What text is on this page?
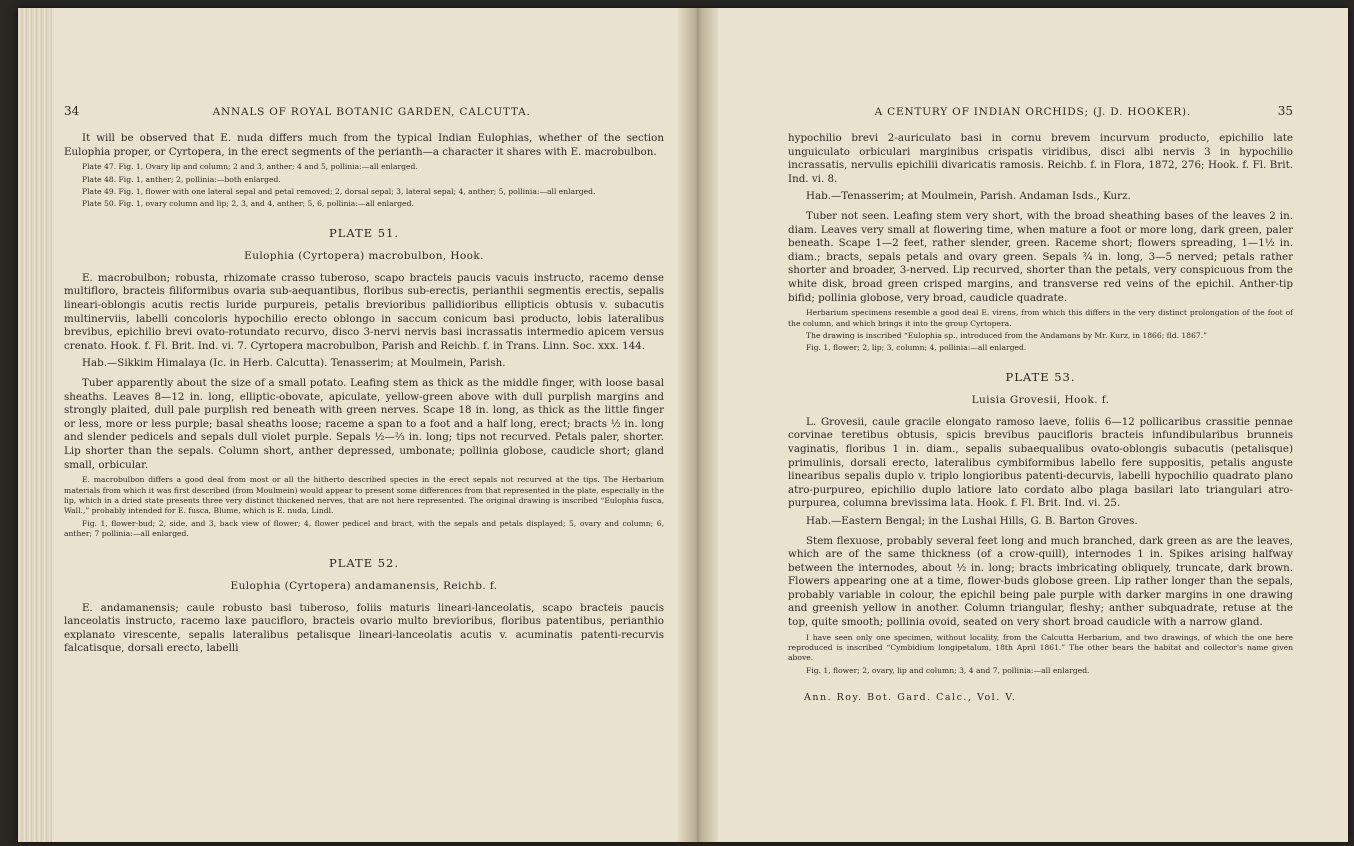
34	ANNALS OF ROYAL BOTANIC GARDEN, CALCUTTA.

It will be observed that E. nuda differs much from the typical Indian Eulophias, whether of the section Eulophia proper, or Cyrtopera, in the erect segments of the perianth—a character it shares with E. macrobulbon.

Plate 47. Fig. 1, Ovary lip and column; 2 and 3, anther; 4 and 5, pollinia:—all enlarged.

Plate 48. Fig. 1, anther; 2, pollinia:—both enlarged.

Plate 49. Fig. 1, flower with one lateral sepal and petal removed; 2, dorsal sepal; 3, lateral sepal; 4, anther; 5, pollinia:—all enlarged.

Plate 50. Fig. 1, ovary column and lip; 2, 3, and 4, anther; 5, 6, pollinia:—all enlarged.

PLATE 51.

Eulophia (Cyrtopera) macrobulbon, Hook.

E. macrobulbon; robusta, rhizomate crasso tuberoso, scapo bracteis paucis vacuis instructo, racemo dense multifloro, bracteis filiformibus ovaria sub-aequantibus, floribus sub-erectis, perianthii segmentis erectis, sepalis lineari-oblongis acutis rectis luride purpureis, petalis brevioribus pallidioribus ellipticis obtusis v. subacutis multinerviis, labelli concoloris hypochilio erecto oblongo in saccum conicum basi producto, lobis lateralibus brevibus, epichilio brevi ovato-rotundato recurvo, disco 3-nervi nervis basi incrassatis intermedio apicem versus crenato. Hook. f. Fl. Brit. Ind. vi. 7. Cyrtopera macrobulbon, Parish and Reichb. f. in Trans. Linn. Soc. xxx. 144.

Hab.—Sikkim Himalaya (Ic. in Herb. Calcutta). Tenasserim; at Moulmein, Parish.

Tuber apparently about the size of a small potato. Leafing stem as thick as the middle finger, with loose basal sheaths. Leaves 8—12 in. long, elliptic-obovate, apiculate, yellow-green above with dull purplish margins and strongly plaited, dull pale purplish red beneath with green nerves. Scape 18 in. long, as thick as the little finger or less, more or less purple; basal sheaths loose; raceme a span to a foot and a half long, erect; bracts ½ in. long and slender pedicels and sepals dull violet purple. Sepals ½—⅔ in. long; tips not recurved. Petals paler, shorter. Lip shorter than the sepals. Column short, anther depressed, umbonate; pollinia globose, caudicle short; gland small, orbicular.

E. macrobulbon differs a good deal from most or all the hitherto described species in the erect sepals not recurved at the tips. The Herbarium materials from which it was first described (from Moulmein) would appear to present some differences from that represented in the plate, especially in the lip, which in a dried state presents three very distinct thickened nerves, that are not here represented. The original drawing is inscribed “Eulophia fusca, Wall.,” probably intended for E. fusca, Blume, which is E. nuda, Lindl.

Fig. 1, flower-bud; 2, side, and 3, back view of flower; 4, flower pedicel and bract, with the sepals and petals displayed; 5, ovary and column; 6, anther; 7 pollinia:—all enlarged.

PLATE 52.

Eulophia (Cyrtopera) andamanensis, Reichb. f.

E. andamanensis; caule robusto basi tuberoso, foliis maturis lineari-lanceolatis, scapo bracteis paucis lanceolatis instructo, racemo laxe paucifloro, bracteis ovario multo brevioribus, floribus patentibus, perianthio explanato virescente, sepalis lateralibus petalisque lineari-lanceolatis acutis v. acuminatis patenti-recurvis falcatisque, dorsali erecto, labelli

A CENTURY OF INDIAN ORCHIDS; (J. D. HOOKER).	35

hypochilio brevi 2-auriculato basi in cornu brevem incurvum producto, epichilio late unguiculato orbiculari marginibus crispatis viridibus, disci albi nervis 3 in hypochilio incrassatis, nervulis epichilii divaricatis ramosis. Reichb. f. in Flora, 1872, 276; Hook. f. Fl. Brit. Ind. vi. 8.

Hab.—Tenasserim; at Moulmein, Parish. Andaman Isds., Kurz.

Tuber not seen. Leafing stem very short, with the broad sheathing bases of the leaves 2 in. diam. Leaves very small at flowering time, when mature a foot or more long, dark green, paler beneath. Scape 1—2 feet, rather slender, green. Raceme short; flowers spreading, 1—1½ in. diam.; bracts, sepals petals and ovary green. Sepals ¾ in. long, 3—5 nerved; petals rather shorter and broader, 3-nerved. Lip recurved, shorter than the petals, very conspicuous from the white disk, broad green crisped margins, and transverse red veins of the epichil. Anther-tip bifid; pollinia globose, very broad, caudicle quadrate.

Herbarium specimens resemble a good deal E. virens, from which this differs in the very distinct prolongation of the foot of the column, and which brings it into the group Cyrtopera.

The drawing is inscribed “Eulophia sp., introduced from the Andamans by Mr. Kurz, in 1866; fld. 1867.”

Fig. 1, flower; 2, lip; 3, column; 4, pollinia:—all enlarged.

PLATE 53.

Luisia Grovesii, Hook. f.

L. Grovesii, caule gracile elongato ramoso laeve, foliis 6—12 pollicaribus crassitie pennae corvinae teretibus obtusis, spicis brevibus paucifloris bracteis infundibularibus brunneis vaginatis, floribus 1 in. diam., sepalis subaequalibus ovato-oblongis subacutis (petalisque) primulinis, dorsali erecto, lateralibus cymbiformibus labello fere suppositis, petalis anguste linearibus sepalis duplo v. triplo longioribus patenti-decurvis, labelli hypochilio quadrato plano atro-purpureo, epichilio duplo latiore lato cordato albo plaga basilari lato triangulari atro-purpurea, columna brevissima lata. Hook. f. Fl. Brit. Ind. vi. 25.

Hab.—Eastern Bengal; in the Lushai Hills, G. B. Barton Groves.

Stem flexuose, probably several feet long and much branched, dark green as are the leaves, which are of the same thickness (of a crow-quill), internodes 1 in. Spikes arising halfway between the internodes, about ½ in. long; bracts imbricating obliquely, truncate, dark brown. Flowers appearing one at a time, flower-buds globose green. Lip rather longer than the sepals, probably variable in colour, the epichil being pale purple with darker margins in one drawing and greenish yellow in another. Column triangular, fleshy; anther subquadrate, retuse at the top, quite smooth; pollinia ovoid, seated on very short broad caudicle with a narrow gland.

I have seen only one specimen, without locality, from the Calcutta Herbarium, and two drawings, of which the one here reproduced is inscribed “Cymbidium longipetalum, 18th April 1861.” The other bears the habitat and collector's name given above.

Fig. 1, flower; 2, ovary, lip and column; 3, 4 and 7, pollinia:—all enlarged.

Ann. Roy. Bot. Gard. Calc., Vol. V.
